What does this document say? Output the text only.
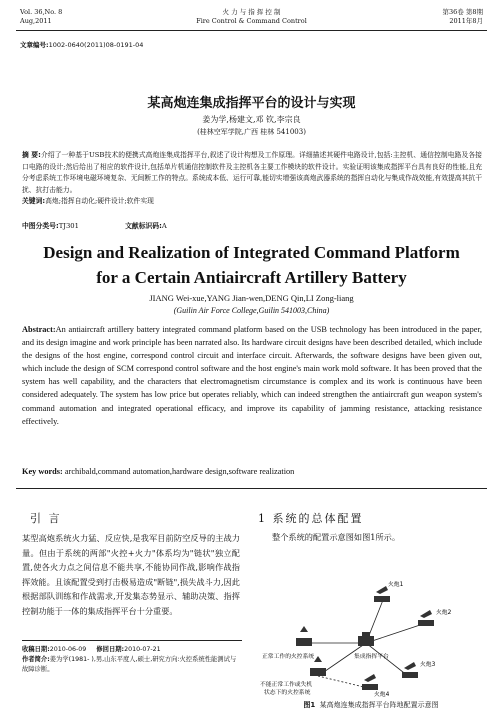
Vol. 36,No. 8
Aug,2011
火 力 与 指 挥 控 制
Fire Control & Command Control
第36卷 第8期
2011年8月
文章编号:1002-0640(2011)08-0191-04
某高炮连集成指挥平台的设计与实现
姜为学,杨建文,邓 钦,李宗良
(桂林空军学院,广西 桂林 541003)
摘 要:介绍了一种基于USB技术的便携式高炮连集成指挥平台,叙述了设计构想及工作原理。详细描述其硬件电路设计,包括:主控机、通信控制电路及各接口电路的设计;然后给出了相应的软件设计,包括单片机通信控制软件及主控机各主要工作模块的软件设计。实验证明该集成指挥平台具有良好的性能,且充分考虑系统工作环境电磁环境复杂、无间断工作的特点。系统成本低、运行可靠,能切实增强该高炮武器系统的指挥自动化与集成作战效能,有效提高其抗干扰、抗打击能力。
关键词:高炮;指挥自动化;硬件设计;软件实现
中图分类号:TJ301	文献标识码:A
Design and Realization of Integrated Command Platform
for a Certain Antiaircraft Artillery Battery
JIANG Wei-xue,YANG Jian-wen,DENG Qin,LI Zong-liang
(Guilin Air Force College,Guilin 541003,China)
Abstract:An antiaircraft artillery battery integrated command platform based on the USB technology has been introduced in the paper, and its design imagine and work principle has been narrated also. Its hardware circuit designs have been described detailed, which include the designs of the host engine, correspond control circuit and interface circuit. Afterwards, the software designs have been given out, which include the design of SCM correspond control software and the host engine's main work mold software. It has been proved that the system has well capability, and the characters that electromagnetism circumstance is complex and its work is continuous have been considered adequately. The system has low price but operates reliably, which can indeed strengthen the antiaircraft gun weapon system's command automation and integrated operational efficacy, and improve its capability of jamming resistance, attacking resistance effectively.
Key words: archibald,command automation,hardware design,software realization
引 言	1 系统的总体配置
某型高炮系统火力猛、反应快,是我军目前防空反导的主战力量。但由于系统的两部"火控+火力"体系均为"链状"独立配置,使各火力点之间信息不能共享,不能协同作战,影响作战指挥效能。且该配置受到打击极易造成"断链",损失战斗力,因此根据部队训练和作战需求,开发集态势显示、辅助决策、指挥控制功能于一体的集成指挥平台十分重要。
收稿日期:2010-06-09 修回日期:2010-07-21
作者简介:姜为学(1981- ),男,山东平度人,硕士,研究方向:火控系统性能测试与故障诊断。
整个系统的配置示意图如图1所示。
火炮1
火炮2
火炮3
火炮4
正常工作的火控系统	集成指挥平台
不能正常工作或失机
状态下的火控系统
图1 某高炮连集成指挥平台阵地配置示意图
